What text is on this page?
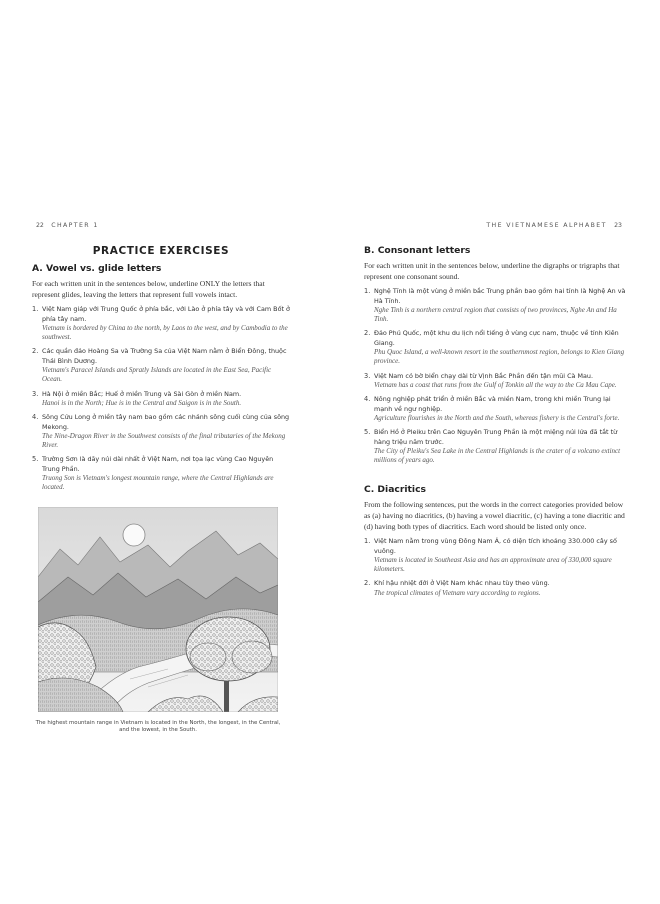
22 CHAPTER 1	THE VIETNAMESE ALPHABET 23
PRACTICE EXERCISES
A. Vowel vs. glide letters
For each written unit in the sentences below, underline ONLY the letters that represent glides, leaving the letters that represent full vowels intact.
1. Việt Nam giáp với Trung Quốc ở phía bắc, với Lào ở phía tây và với Cam Bốt ở phía tây nam.
Vietnam is bordered by China to the north, by Laos to the west, and by Cambodia to the southwest.
2. Các quần đảo Hoàng Sa và Trường Sa của Việt Nam nằm ở Biển Đông, thuộc Thái Bình Dương.
Vietnam's Paracel Islands and Spratly Islands are located in the East Sea, Pacific Ocean.
3. Hà Nội ở miền Bắc; Huế ở miền Trung và Sài Gòn ở miền Nam.
Hanoi is in the North; Hue is in the Central and Saigon is in the South.
4. Sông Cửu Long ở miền tây nam bao gồm các nhánh sông cuối cùng của sông Mekong.
The Nine-Dragon River in the Southwest consists of the final tributaries of the Mekong River.
5. Trường Sơn là dãy núi dài nhất ở Việt Nam, nơi tọa lạc vùng Cao Nguyên Trung Phần.
Truong Son is Vietnam's longest mountain range, where the Central Highlands are located.
The highest mountain range in Vietnam is located in the North, the longest, in the Central, and the lowest, in the South.
B. Consonant letters
For each written unit in the sentences below, underline the digraphs or trigraphs that represent one consonant sound.
1. Nghệ Tĩnh là một vùng ở miền bắc Trung phần bao gồm hai tỉnh là Nghệ An và Hà Tĩnh.
Nghe Tinh is a northern central region that consists of two provinces, Nghe An and Ha Tinh.
2. Đảo Phú Quốc, một khu du lịch nổi tiếng ở vùng cực nam, thuộc về tỉnh Kiên Giang.
Phu Quoc Island, a well-known resort in the southernmost region, belongs to Kien Giang province.
3. Việt Nam có bờ biển chạy dài từ Vịnh Bắc Phần đến tận mũi Cà Mau.
Vietnam has a coast that runs from the Gulf of Tonkin all the way to the Ca Mau Cape.
4. Nông nghiệp phát triển ở miền Bắc và miền Nam, trong khi miền Trung lại mạnh về ngư nghiệp.
Agriculture flourishes in the North and the South, whereas fishery is the Central's forte.
5. Biển Hồ ở Pleiku trên Cao Nguyên Trung Phần là một miệng núi lửa đã tắt từ hàng triệu năm trước.
The City of Pleiku's Sea Lake in the Central Highlands is the crater of a volcano extinct millions of years ago.
C. Diacritics
From the following sentences, put the words in the correct categories provided below as (a) having no diacritics, (b) having a vowel diacritic, (c) having a tone diacritic and (d) having both types of diacritics. Each word should be listed only once.
1. Việt Nam nằm trong vùng Đông Nam Á, có diện tích khoảng 330.000 cây số vuông.
Vietnam is located in Southeast Asia and has an approximate area of 330,000 square kilometers.
2. Khí hậu nhiệt đới ở Việt Nam khác nhau tùy theo vùng.
The tropical climates of Vietnam vary according to regions.
